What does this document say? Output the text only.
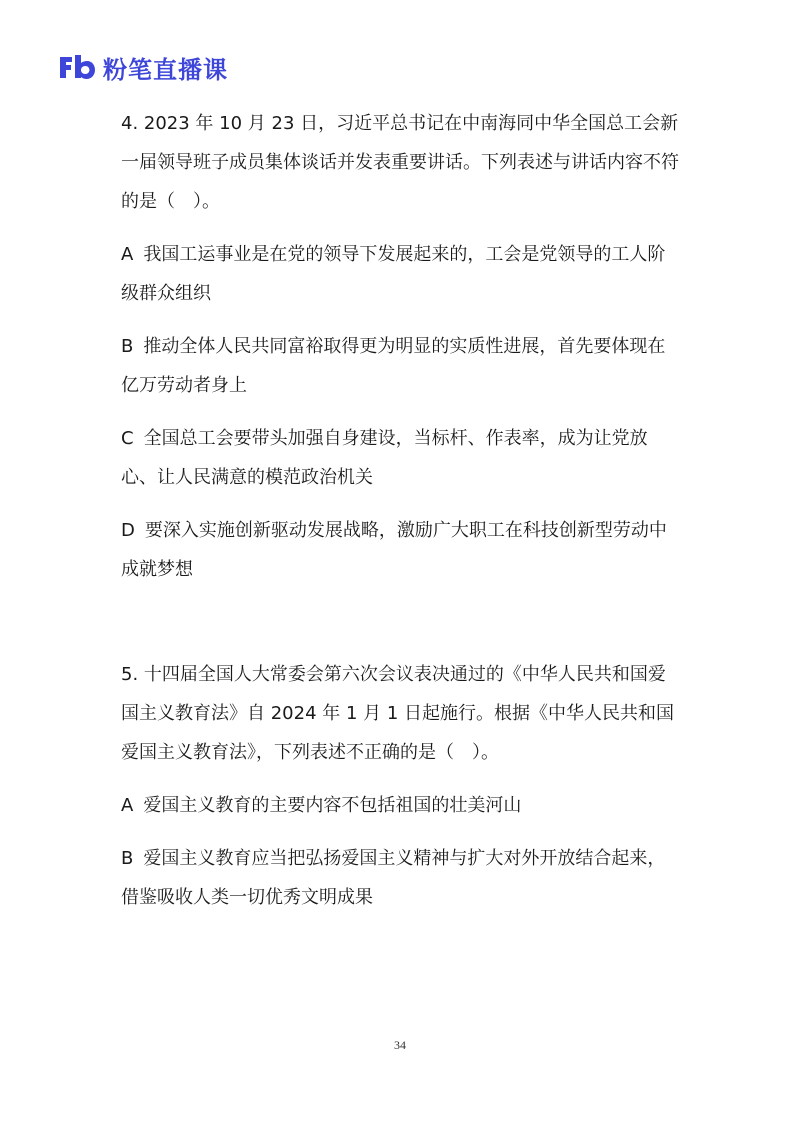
粉笔直播课

4. 2023 年 10 月 23 日，习近平总书记在中南海同中华全国总工会新一届领导班子成员集体谈话并发表重要讲话。下列表述与讲话内容不符的是（　）。

A 我国工运事业是在党的领导下发展起来的，工会是党领导的工人阶级群众组织

B 推动全体人民共同富裕取得更为明显的实质性进展，首先要体现在亿万劳动者身上

C 全国总工会要带头加强自身建设，当标杆、作表率，成为让党放心、让人民满意的模范政治机关

D 要深入实施创新驱动发展战略，激励广大职工在科技创新型劳动中成就梦想

5. 十四届全国人大常委会第六次会议表决通过的《中华人民共和国爱国主义教育法》自 2024 年 1 月 1 日起施行。根据《中华人民共和国爱国主义教育法》，下列表述不正确的是（　）。

A 爱国主义教育的主要内容不包括祖国的壮美河山

B 爱国主义教育应当把弘扬爱国主义精神与扩大对外开放结合起来，借鉴吸收人类一切优秀文明成果

34
